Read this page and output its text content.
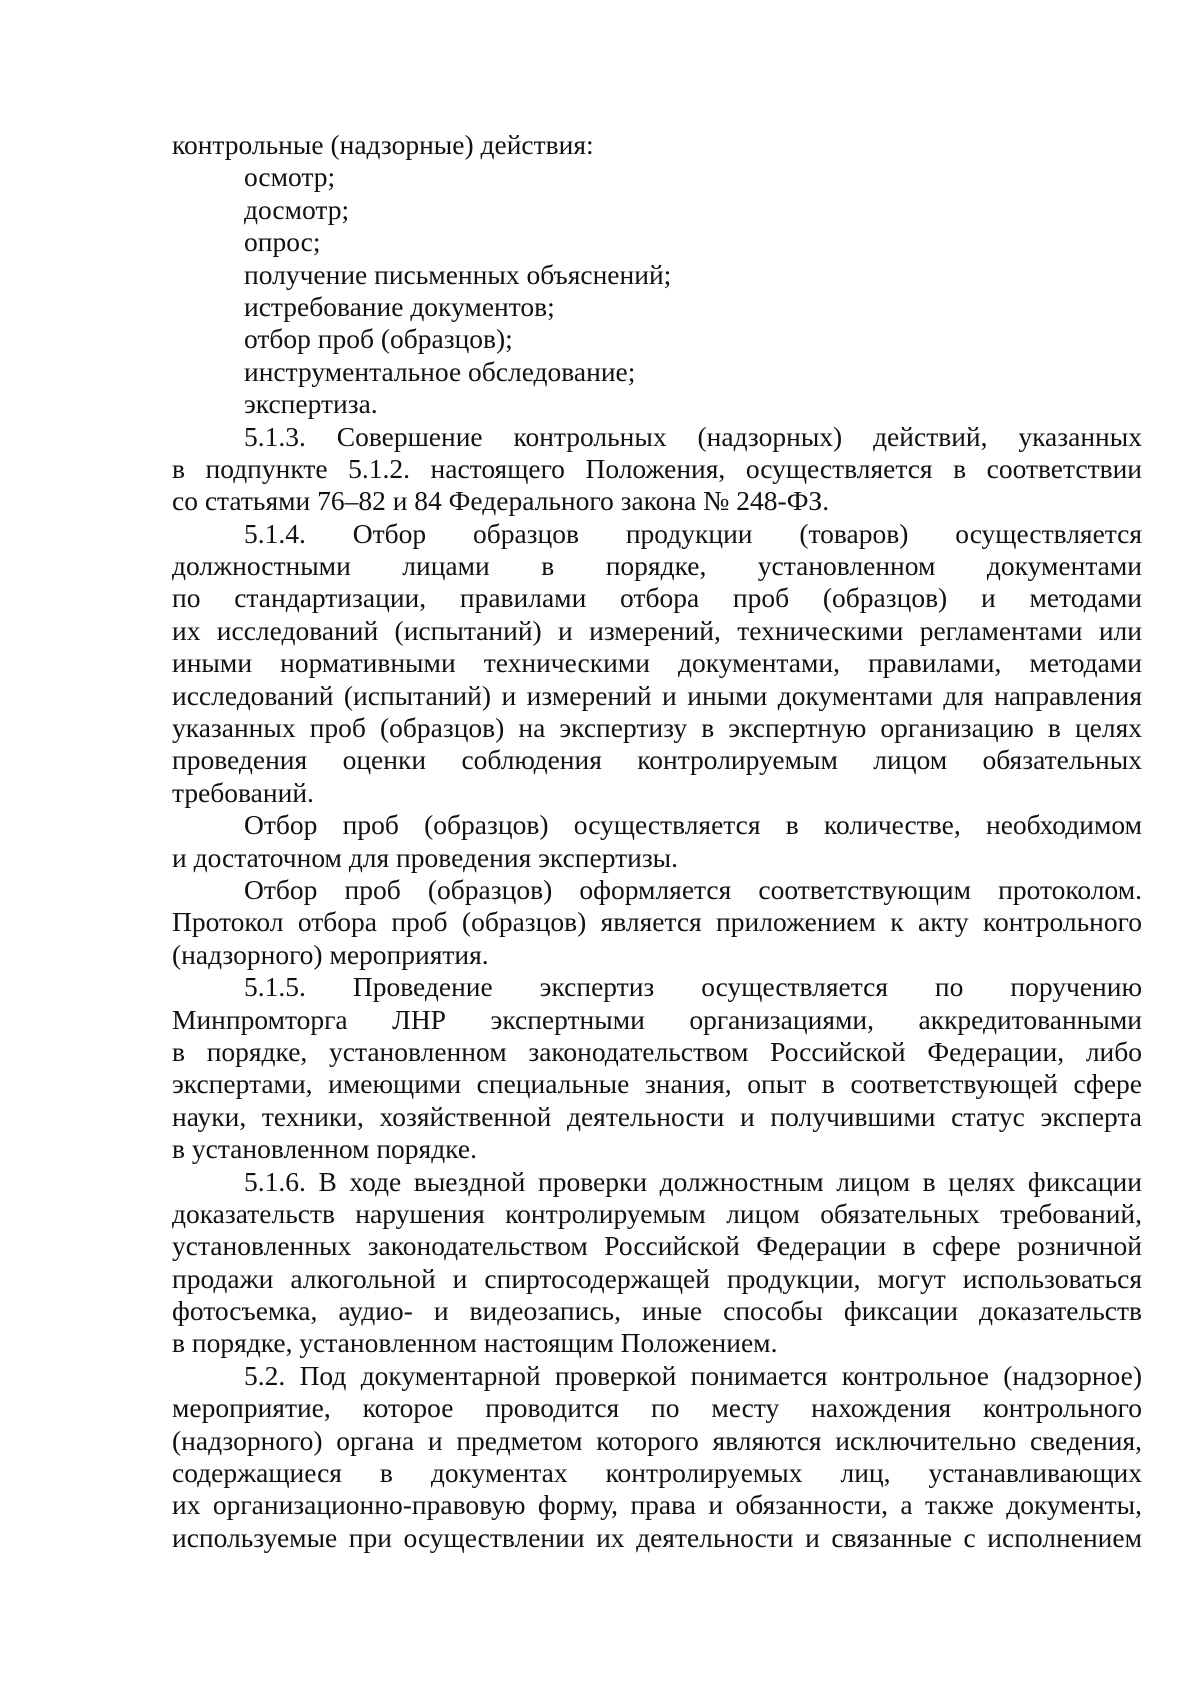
контрольные (надзорные) действия:
осмотр;
досмотр;
опрос;
получение письменных объяснений;
истребование документов;
отбор проб (образцов);
инструментальное обследование;
экспертиза.
5.1.3. Совершение контрольных (надзорных) действий, указанных
в подпункте 5.1.2. настоящего Положения, осуществляется в соответствии
со статьями 76–82 и 84 Федерального закона № 248-ФЗ.
5.1.4. Отбор образцов продукции (товаров) осуществляется
должностными лицами в порядке, установленном документами
по стандартизации, правилами отбора проб (образцов) и методами
их исследований (испытаний) и измерений, техническими регламентами или
иными нормативными техническими документами, правилами, методами
исследований (испытаний) и измерений и иными документами для направления
указанных проб (образцов) на экспертизу в экспертную организацию в целях
проведения оценки соблюдения контролируемым лицом обязательных
требований.
Отбор проб (образцов) осуществляется в количестве, необходимом
и достаточном для проведения экспертизы.
Отбор проб (образцов) оформляется соответствующим протоколом.
Протокол отбора проб (образцов) является приложением к акту контрольного
(надзорного) мероприятия.
5.1.5. Проведение экспертиз осуществляется по поручению
Минпромторга ЛНР экспертными организациями, аккредитованными
в порядке, установленном законодательством Российской Федерации, либо
экспертами, имеющими специальные знания, опыт в соответствующей сфере
науки, техники, хозяйственной деятельности и получившими статус эксперта
в установленном порядке.
5.1.6. В ходе выездной проверки должностным лицом в целях фиксации
доказательств нарушения контролируемым лицом обязательных требований,
установленных законодательством Российской Федерации в сфере розничной
продажи алкогольной и спиртосодержащей продукции, могут использоваться
фотосъемка, аудио- и видеозапись, иные способы фиксации доказательств
в порядке, установленном настоящим Положением.
5.2. Под документарной проверкой понимается контрольное (надзорное)
мероприятие, которое проводится по месту нахождения контрольного
(надзорного) органа и предметом которого являются исключительно сведения,
содержащиеся в документах контролируемых лиц, устанавливающих
их организационно-правовую форму, права и обязанности, а также документы,
используемые при осуществлении их деятельности и связанные с исполнением
